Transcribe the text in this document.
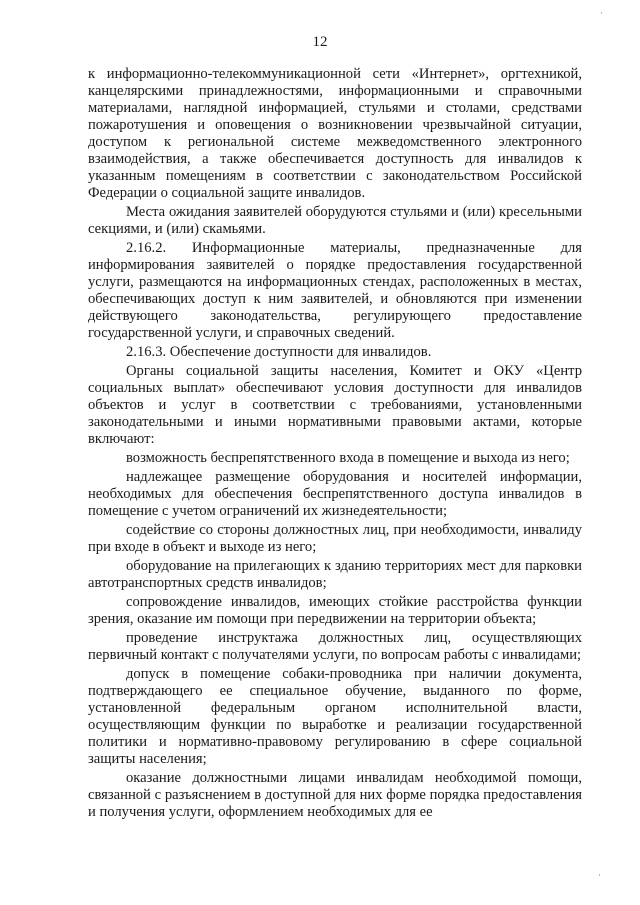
12

к информационно-телекоммуникационной сети «Интернет», оргтехникой, канцелярскими принадлежностями, информационными и справочными материалами, наглядной информацией, стульями и столами, средствами пожаротушения и оповещения о возникновении чрезвычайной ситуации, доступом к региональной системе межведомственного электронного взаимодействия, а также обеспечивается доступность для инвалидов к указанным помещениям в соответствии с законодательством Российской Федерации о социальной защите инвалидов.

Места ожидания заявителей оборудуются стульями и (или) кресельными секциями, и (или) скамьями.

2.16.2. Информационные материалы, предназначенные для информирования заявителей о порядке предоставления государственной услуги, размещаются на информационных стендах, расположенных в местах, обеспечивающих доступ к ним заявителей, и обновляются при изменении действующего законодательства, регулирующего предоставление государственной услуги, и справочных сведений.

2.16.3. Обеспечение доступности для инвалидов.

Органы социальной защиты населения, Комитет и ОКУ «Центр социальных выплат» обеспечивают условия доступности для инвалидов объектов и услуг в соответствии с требованиями, установленными законодательными и иными нормативными правовыми актами, которые включают:

возможность беспрепятственного входа в помещение и выхода из него;

надлежащее размещение оборудования и носителей информации, необходимых для обеспечения беспрепятственного доступа инвалидов в помещение с учетом ограничений их жизнедеятельности;

содействие со стороны должностных лиц, при необходимости, инвалиду при входе в объект и выходе из него;

оборудование на прилегающих к зданию территориях мест для парковки автотранспортных средств инвалидов;

сопровождение инвалидов, имеющих стойкие расстройства функции зрения, оказание им помощи при передвижении на территории объекта;

проведение инструктажа должностных лиц, осуществляющих первичный контакт с получателями услуги, по вопросам работы с инвалидами;

допуск в помещение собаки-проводника при наличии документа, подтверждающего ее специальное обучение, выданного по форме, установленной федеральным органом исполнительной власти, осуществляющим функции по выработке и реализации государственной политики и нормативно-правовому регулированию в сфере социальной защиты населения;

оказание должностными лицами инвалидам необходимой помощи, связанной с разъяснением в доступной для них форме порядка предоставления и получения услуги, оформлением необходимых для ее

·
·
